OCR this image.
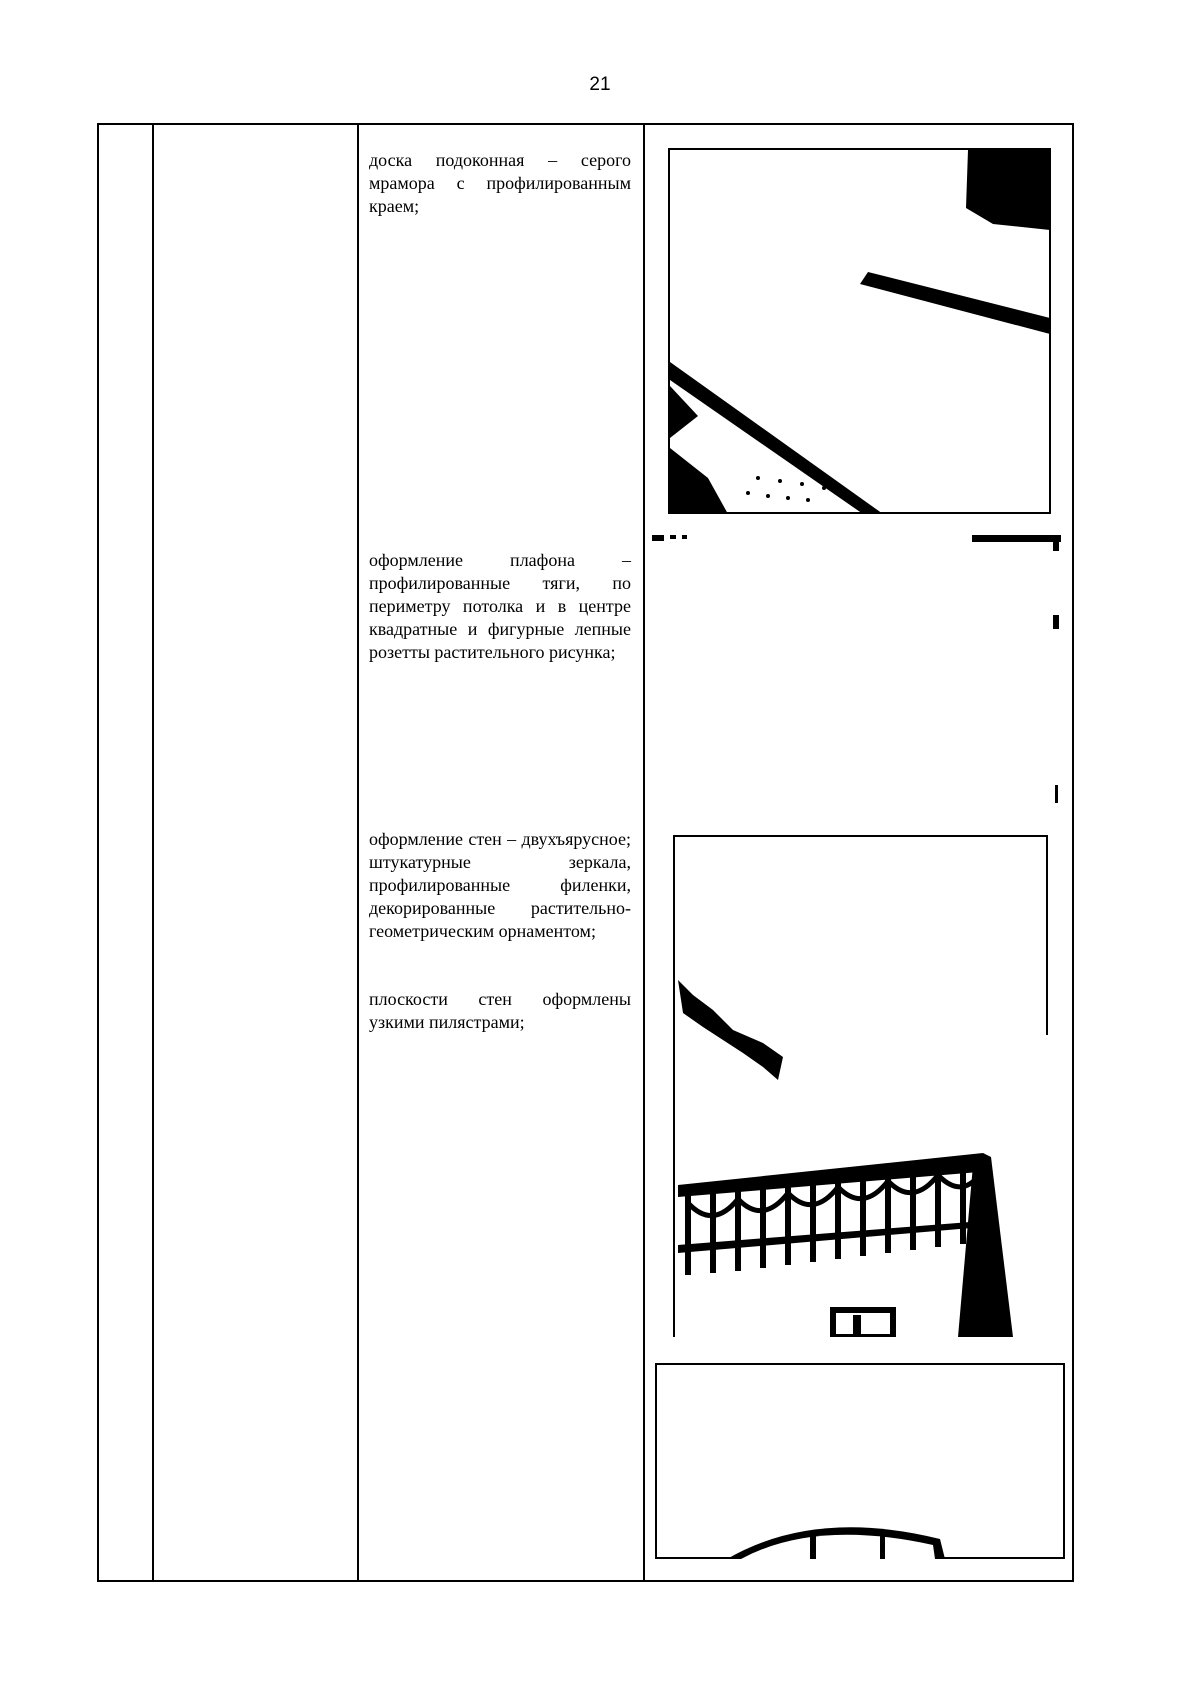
21
доска подоконная – серого мрамора с профилированным краем;
оформление плафона – профилированные тяги, по периметру потолка и в центре квадратные и фигурные лепные розетты растительного рисунка;
оформление стен – двухъярусное; штукатурные зеркала, профилированные филенки, декорированные растительно-геометрическим орнаментом;
плоскости стен оформлены узкими пилястрами;
